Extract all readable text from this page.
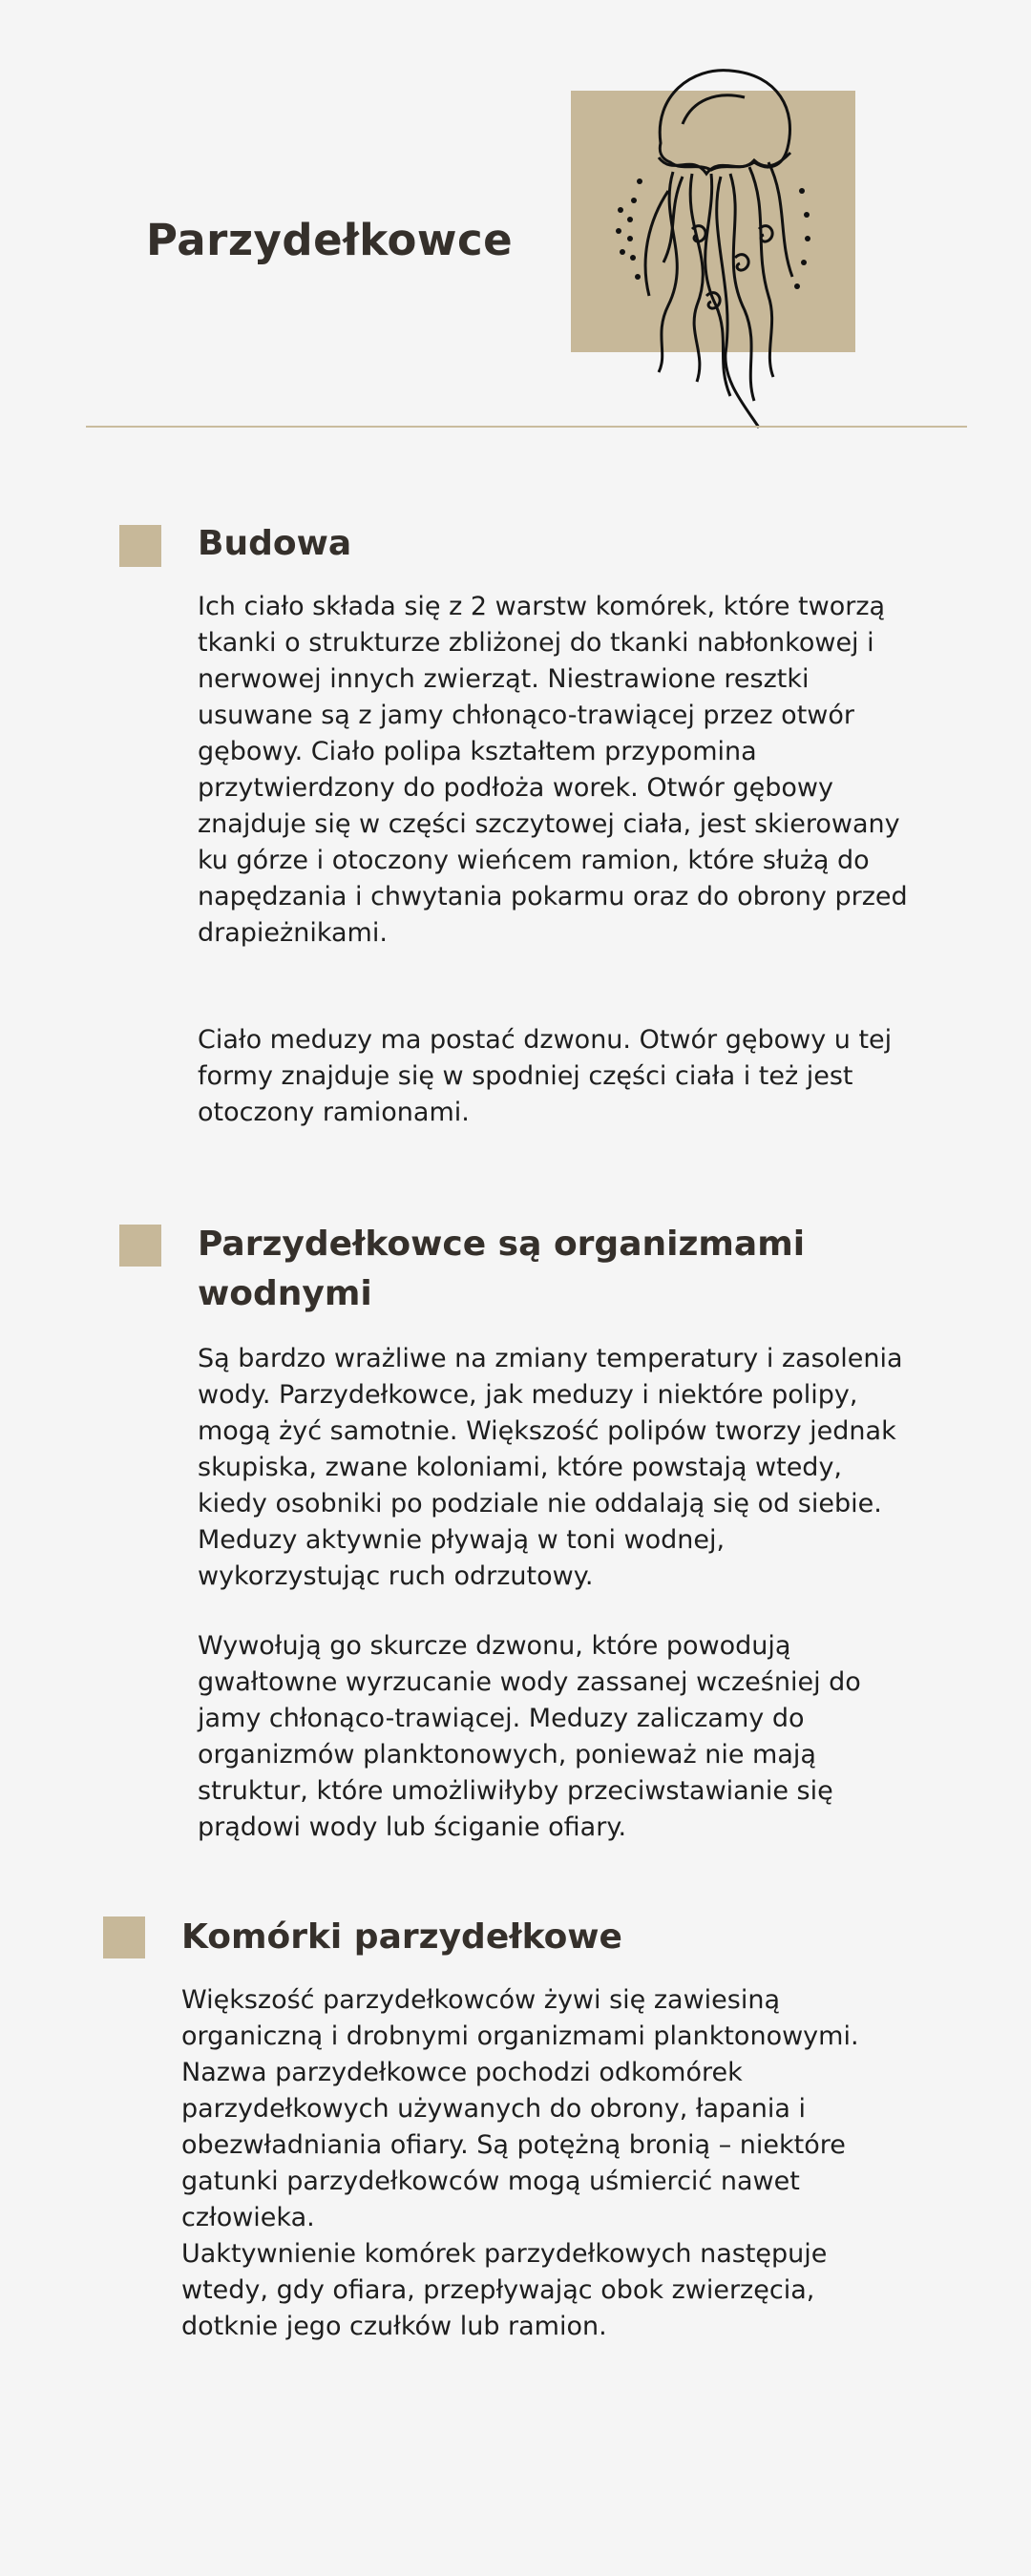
Parzydełkowce
Budowa

Ich ciało składa się z 2 warstw komórek, które tworzą tkanki o strukturze zbliżonej do tkanki nabłonkowej i nerwowej innych zwierząt. Niestrawione resztki usuwane są z jamy chłonąco-trawiącej przez otwór gębowy. Ciało polipa kształtem przypomina przytwierdzony do podłoża worek. Otwór gębowy znajduje się w części szczytowej ciała, jest skierowany ku górze i otoczony wieńcem ramion, które służą do napędzania i chwytania pokarmu oraz do obrony przed drapieżnikami.

Ciało meduzy ma postać dzwonu. Otwór gębowy u tej formy znajduje się w spodniej części ciała i też jest otoczony ramionami.

Parzydełkowce są organizmami wodnymi

Są bardzo wrażliwe na zmiany temperatury i zasolenia wody. Parzydełkowce, jak meduzy i niektóre polipy, mogą żyć samotnie. Większość polipów tworzy jednak skupiska, zwane koloniami, które powstają wtedy, kiedy osobniki po podziale nie oddalają się od siebie. Meduzy aktywnie pływają w toni wodnej, wykorzystując ruch odrzutowy.

Wywołują go skurcze dzwonu, które powodują gwałtowne wyrzucanie wody zassanej wcześniej do jamy chłonąco-trawiącej. Meduzy zaliczamy do organizmów planktonowych, ponieważ nie mają struktur, które umożliwiłyby przeciwstawianie się prądowi wody lub ściganie ofiary.

Komórki parzydełkowe

Większość parzydełkowców żywi się zawiesiną organiczną i drobnymi organizmami planktonowymi. Nazwa parzydełkowce pochodzi odkomórek parzydełkowych używanych do obrony, łapania i obezwładniania ofiary. Są potężną bronią – niektóre gatunki parzydełkowców mogą uśmiercić nawet człowieka.

Uaktywnienie komórek parzydełkowych następuje wtedy, gdy ofiara, przepływając obok zwierzęcia, dotknie jego czułków lub ramion.
